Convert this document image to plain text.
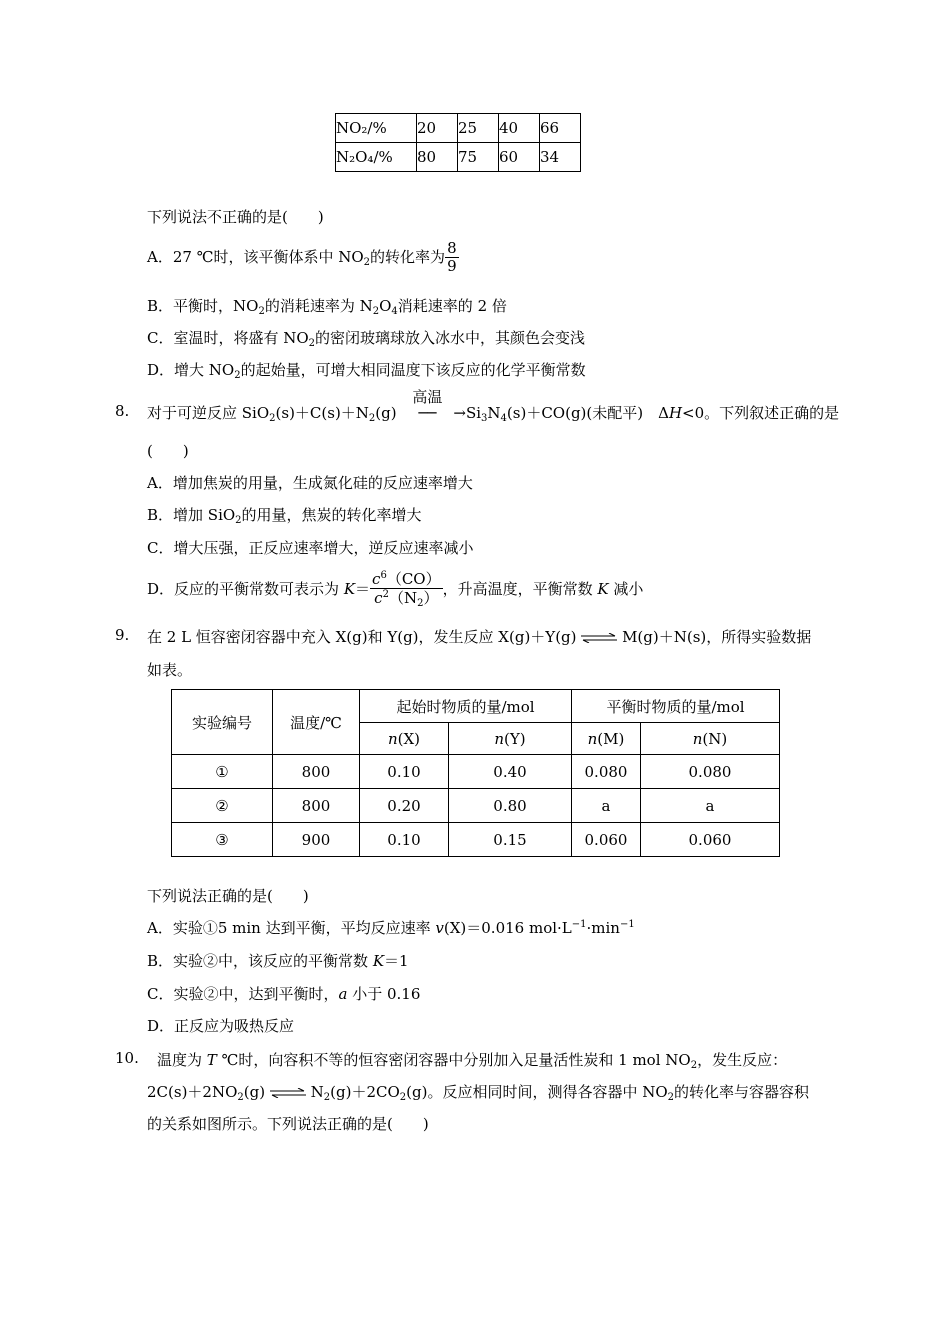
NO₂/%	20	25	40	66
N₂O₄/%	80	75	60	34
下列说法不正确的是(　　)
A．27 ℃时，该平衡体系中 $NO_2$的转化率为 $\frac{8}{9}$
B．平衡时，$NO_2$的消耗速率为 $N_2O_4$消耗速率的 2 倍
C．室温时，将盛有 $NO_2$的密闭玻璃球放入冰水中，其颜色会变浅
D．增大 $NO_2$的起始量，可增大相同温度下该反应的化学平衡常数
8. 对于可逆反应 $SiO_2(s)+C(s)+N_2(g)$
高温
── $\to Si_3N_4(s)+CO(g)$(未配平)　ΔH<0。下列叙述正确的是
(　　)
A．增加焦炭的用量，生成氮化硅的反应速率增大
B．增加 SiO$_2$的用量，焦炭的转化率增大
C．增大压强，正反应速率增大，逆反应速率减小
D．反应的平衡常数可表示为 $K= \frac{c^6(CO)}{c^2(N_2)}$ ，升高温度，平衡常数 K 减小
9. 在 2 L 恒容密闭容器中充入 X(g)和 Y(g)，发生反应 X(g)＋Y(g) ⇌ M(g)＋N(s)，所得实验数据
如表。
实验编号	温度/℃	起始时物质的量/mol		平衡时物质的量/mol	
		n(X)	n(Y)	n(M)	n(N)
①	800	0.10	0.40	0.080	0.080
②	800	0.20	0.80	a	a
③	900	0.10	0.15	0.060	0.060
下列说法正确的是(　　)
A．实验①5 min 达到平衡，平均反应速率 v(X)＝0.016 $mol\cdot L^{-1}\cdot\min^{-1}$
B．实验②中，该反应的平衡常数 K＝1
C．实验②中，达到平衡时，a 小于 0.16
D．正反应为吸热反应
10. 温度为 T ℃时，向容积不等的恒容密闭容器中分别加入足量活性炭和 1 mol $NO_2$，发生反应：
$2C(s)+2NO_2(g)$ ⇌ $N_2(g)+2CO_2(g)$。反应相同时间，测得各容器中 $NO_2$的转化率与容器容积
的关系如图所示。下列说法正确的是(　　)
